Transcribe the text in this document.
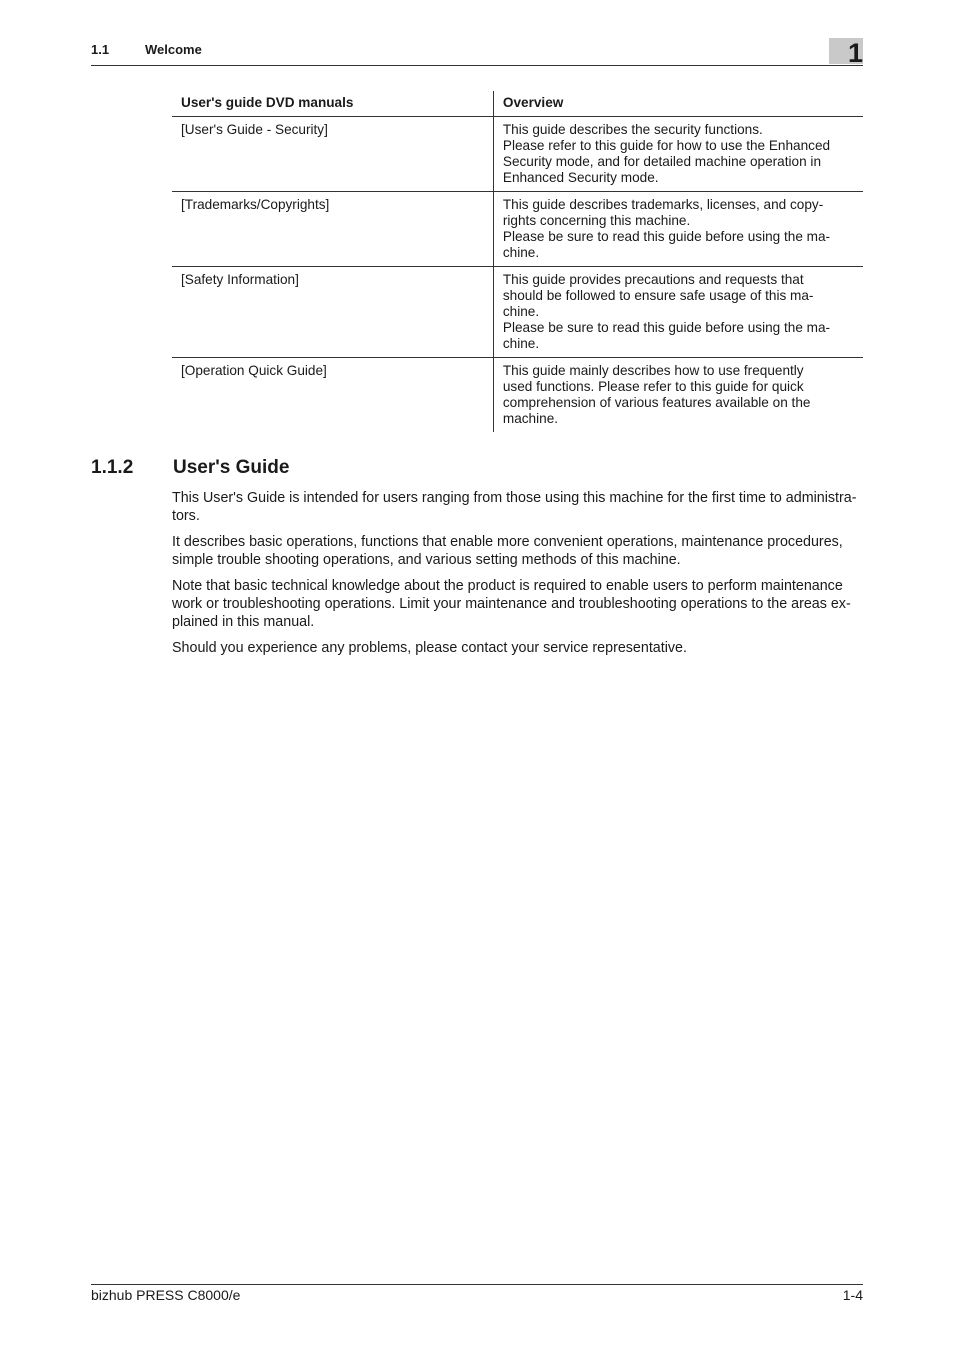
1.1	Welcome	1
User's guide DVD manuals	Overview
[User's Guide - Security]	This guide describes the security functions.
Please refer to this guide for how to use the Enhanced
Security mode, and for detailed machine operation in
Enhanced Security mode.

[Trademarks/Copyrights]	This guide describes trademarks, licenses, and copy-
rights concerning this machine.
Please be sure to read this guide before using the ma-
chine.

[Safety Information]	This guide provides precautions and requests that
should be followed to ensure safe usage of this ma-
chine.
Please be sure to read this guide before using the ma-
chine.

[Operation Quick Guide]	This guide mainly describes how to use frequently
used functions. Please refer to this guide for quick
comprehension of various features available on the
machine.
1.1.2 User's Guide
This User's Guide is intended for users ranging from those using this machine for the first time to administra-
tors.
It describes basic operations, functions that enable more convenient operations, maintenance procedures,
simple trouble shooting operations, and various setting methods of this machine.
Note that basic technical knowledge about the product is required to enable users to perform maintenance
work or troubleshooting operations. Limit your maintenance and troubleshooting operations to the areas ex-
plained in this manual.
Should you experience any problems, please contact your service representative.
bizhub PRESS C8000/e	1-4
